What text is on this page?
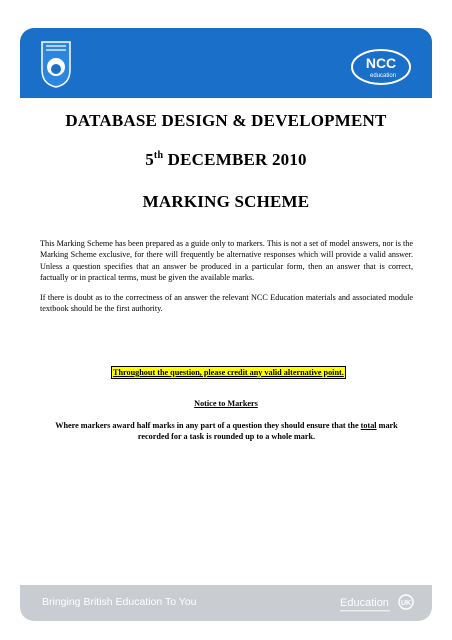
NCC
education
DATABASE DESIGN & DEVELOPMENT
5th DECEMBER 2010
MARKING SCHEME

This Marking Scheme has been prepared as a guide only to markers. This is not a set of model answers, nor is the Marking Scheme exclusive, for there will frequently be alternative responses which will provide a valid answer. Unless a question specifies that an answer be produced in a particular form, then an answer that is correct, factually or in practical terms, must be given the available marks.

If there is doubt as to the correctness of an answer the relevant NCC Education materials and associated module textbook should be the first authority.

Throughout the question, please credit any valid alternative point.
Notice to Markers

Where markers award half marks in any part of a question they should ensure that the total mark recorded for a task is rounded up to a whole mark.

Bringing British Education To You	Education UK
